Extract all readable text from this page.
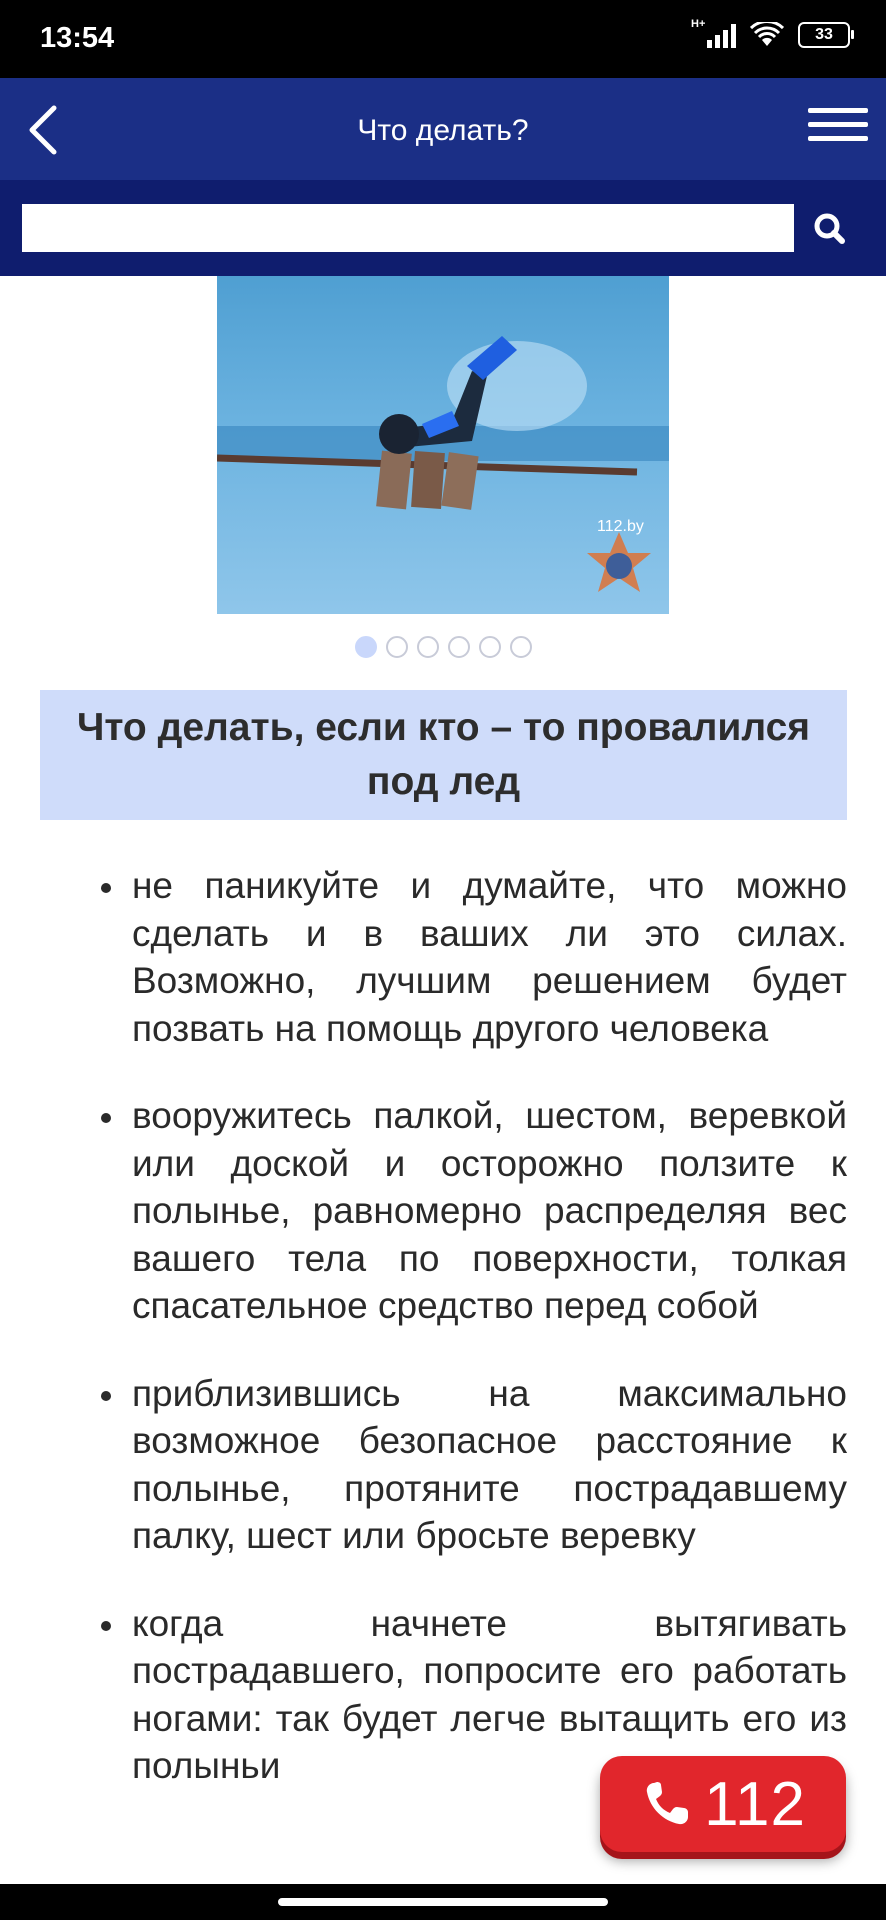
13:54	H+
33
Что делать?
112.by
Что делать, если кто – то провалился под лед
не паникуйте и думайте, что можно сделать и в ваших ли это силах. Возможно, лучшим решением будет позвать на помощь другого человека
вооружитесь палкой, шестом, веревкой или доской и осторожно ползите к полынье, равномерно распределяя вес вашего тела по поверхности, толкая спасательное средство перед собой
приблизившись на максимально возможное безопасное расстояние к полынье, протяните пострадавшему палку, шест или бросьте веревку
когда начнете вытягивать пострадавшего, попросите его работать ногами: так будет легче вытащить его из полыньи
112
